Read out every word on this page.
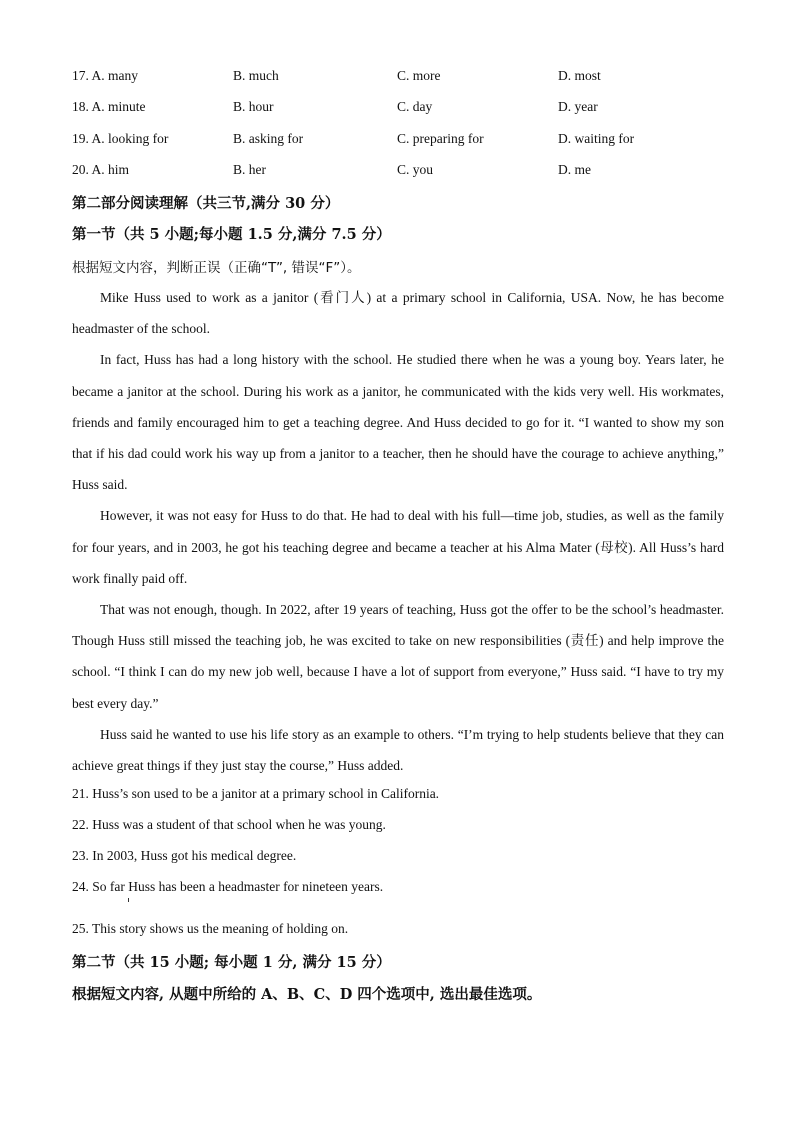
17. A. many	B. much	C. more	D. most
18. A. minute	B. hour	C. day	D. year
19. A. looking for	B. asking for	C. preparing for	D. waiting for
20. A. him	B. her	C. you	D. me
第二部分阅读理解（共三节,满分 30 分）
第一节（共 5 小题;每小题 1.5 分,满分 7.5 分）
根据短文内容，判断正误（正确“T”, 错误“F”）。

Mike Huss used to work as a janitor (看门人) at a primary school in California, USA. Now, he has become headmaster of the school.

In fact, Huss has had a long history with the school. He studied there when he was a young boy. Years later, he became a janitor at the school. During his work as a janitor, he communicated with the kids very well. His workmates, friends and family encouraged him to get a teaching degree. And Huss decided to go for it. “I wanted to show my son that if his dad could work his way up from a janitor to a teacher, then he should have the courage to achieve anything,” Huss said.

However, it was not easy for Huss to do that. He had to deal with his full—time job, studies, as well as the family for four years, and in 2003, he got his teaching degree and became a teacher at his Alma Mater (母校). All Huss’s hard work finally paid off.

That was not enough, though. In 2022, after 19 years of teaching, Huss got the offer to be the school’s headmaster. Though Huss still missed the teaching job, he was excited to take on new responsibilities (责任) and help improve the school. “I think I can do my new job well, because I have a lot of support from everyone,” Huss said. “I have to try my best every day.”

Huss said he wanted to use his life story as an example to others. “I’m trying to help students believe that they can achieve great things if they just stay the course,” Huss added.

21. Huss’s son used to be a janitor at a primary school in California.
22. Huss was a student of that school when he was young.
23. In 2003, Huss got his medical degree.
24. So far Huss has been a headmaster for nineteen years.
25. This story shows us the meaning of holding on.
第二节（共 15 小题; 每小题 1 分, 满分 15 分）
根据短文内容, 从题中所给的 A、B、C、D 四个选项中, 选出最佳选项。
